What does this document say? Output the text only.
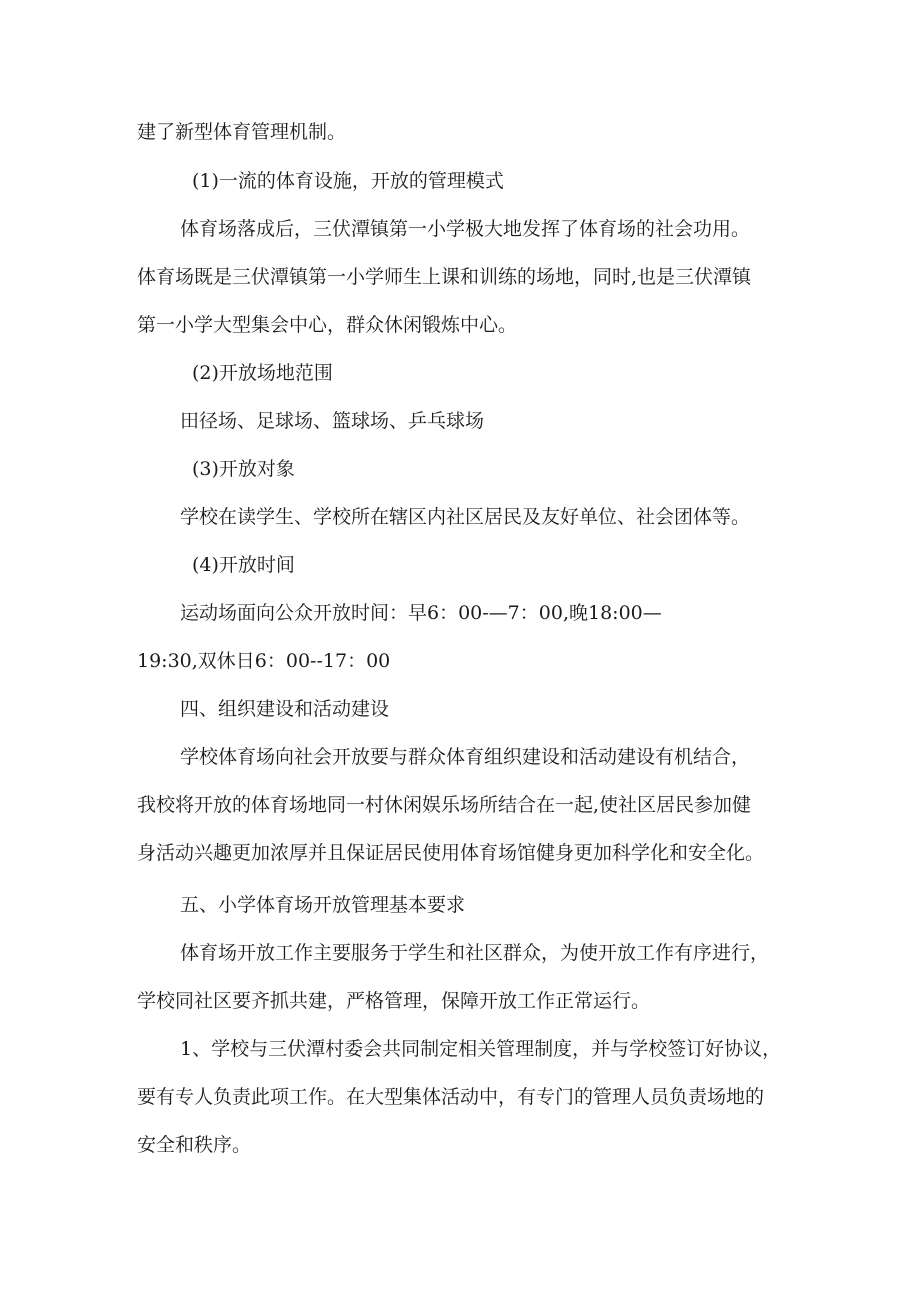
建了新型体育管理机制。
(1)一流的体育设施，开放的管理模式
体育场落成后，三伏潭镇第一小学极大地发挥了体育场的社会功用。
体育场既是三伏潭镇第一小学师生上课和训练的场地，同时,也是三伏潭镇
第一小学大型集会中心，群众休闲锻炼中心。
(2)开放场地范围
田径场、足球场、篮球场、乒乓球场
(3)开放对象
学校在读学生、学校所在辖区内社区居民及友好单位、社会团体等。
(4)开放时间
运动场面向公众开放时间：早6：00-—7：00,晚18:00—
19:30,双休日6：00--17：00
四、组织建设和活动建设
学校体育场向社会开放要与群众体育组织建设和活动建设有机结合，
我校将开放的体育场地同一村休闲娱乐场所结合在一起,使社区居民参加健
身活动兴趣更加浓厚并且保证居民使用体育场馆健身更加科学化和安全化。
五、小学体育场开放管理基本要求
体育场开放工作主要服务于学生和社区群众，为使开放工作有序进行，
学校同社区要齐抓共建，严格管理，保障开放工作正常运行。
1、学校与三伏潭村委会共同制定相关管理制度，并与学校签订好协议，
要有专人负责此项工作。在大型集体活动中，有专门的管理人员负责场地的
安全和秩序。
